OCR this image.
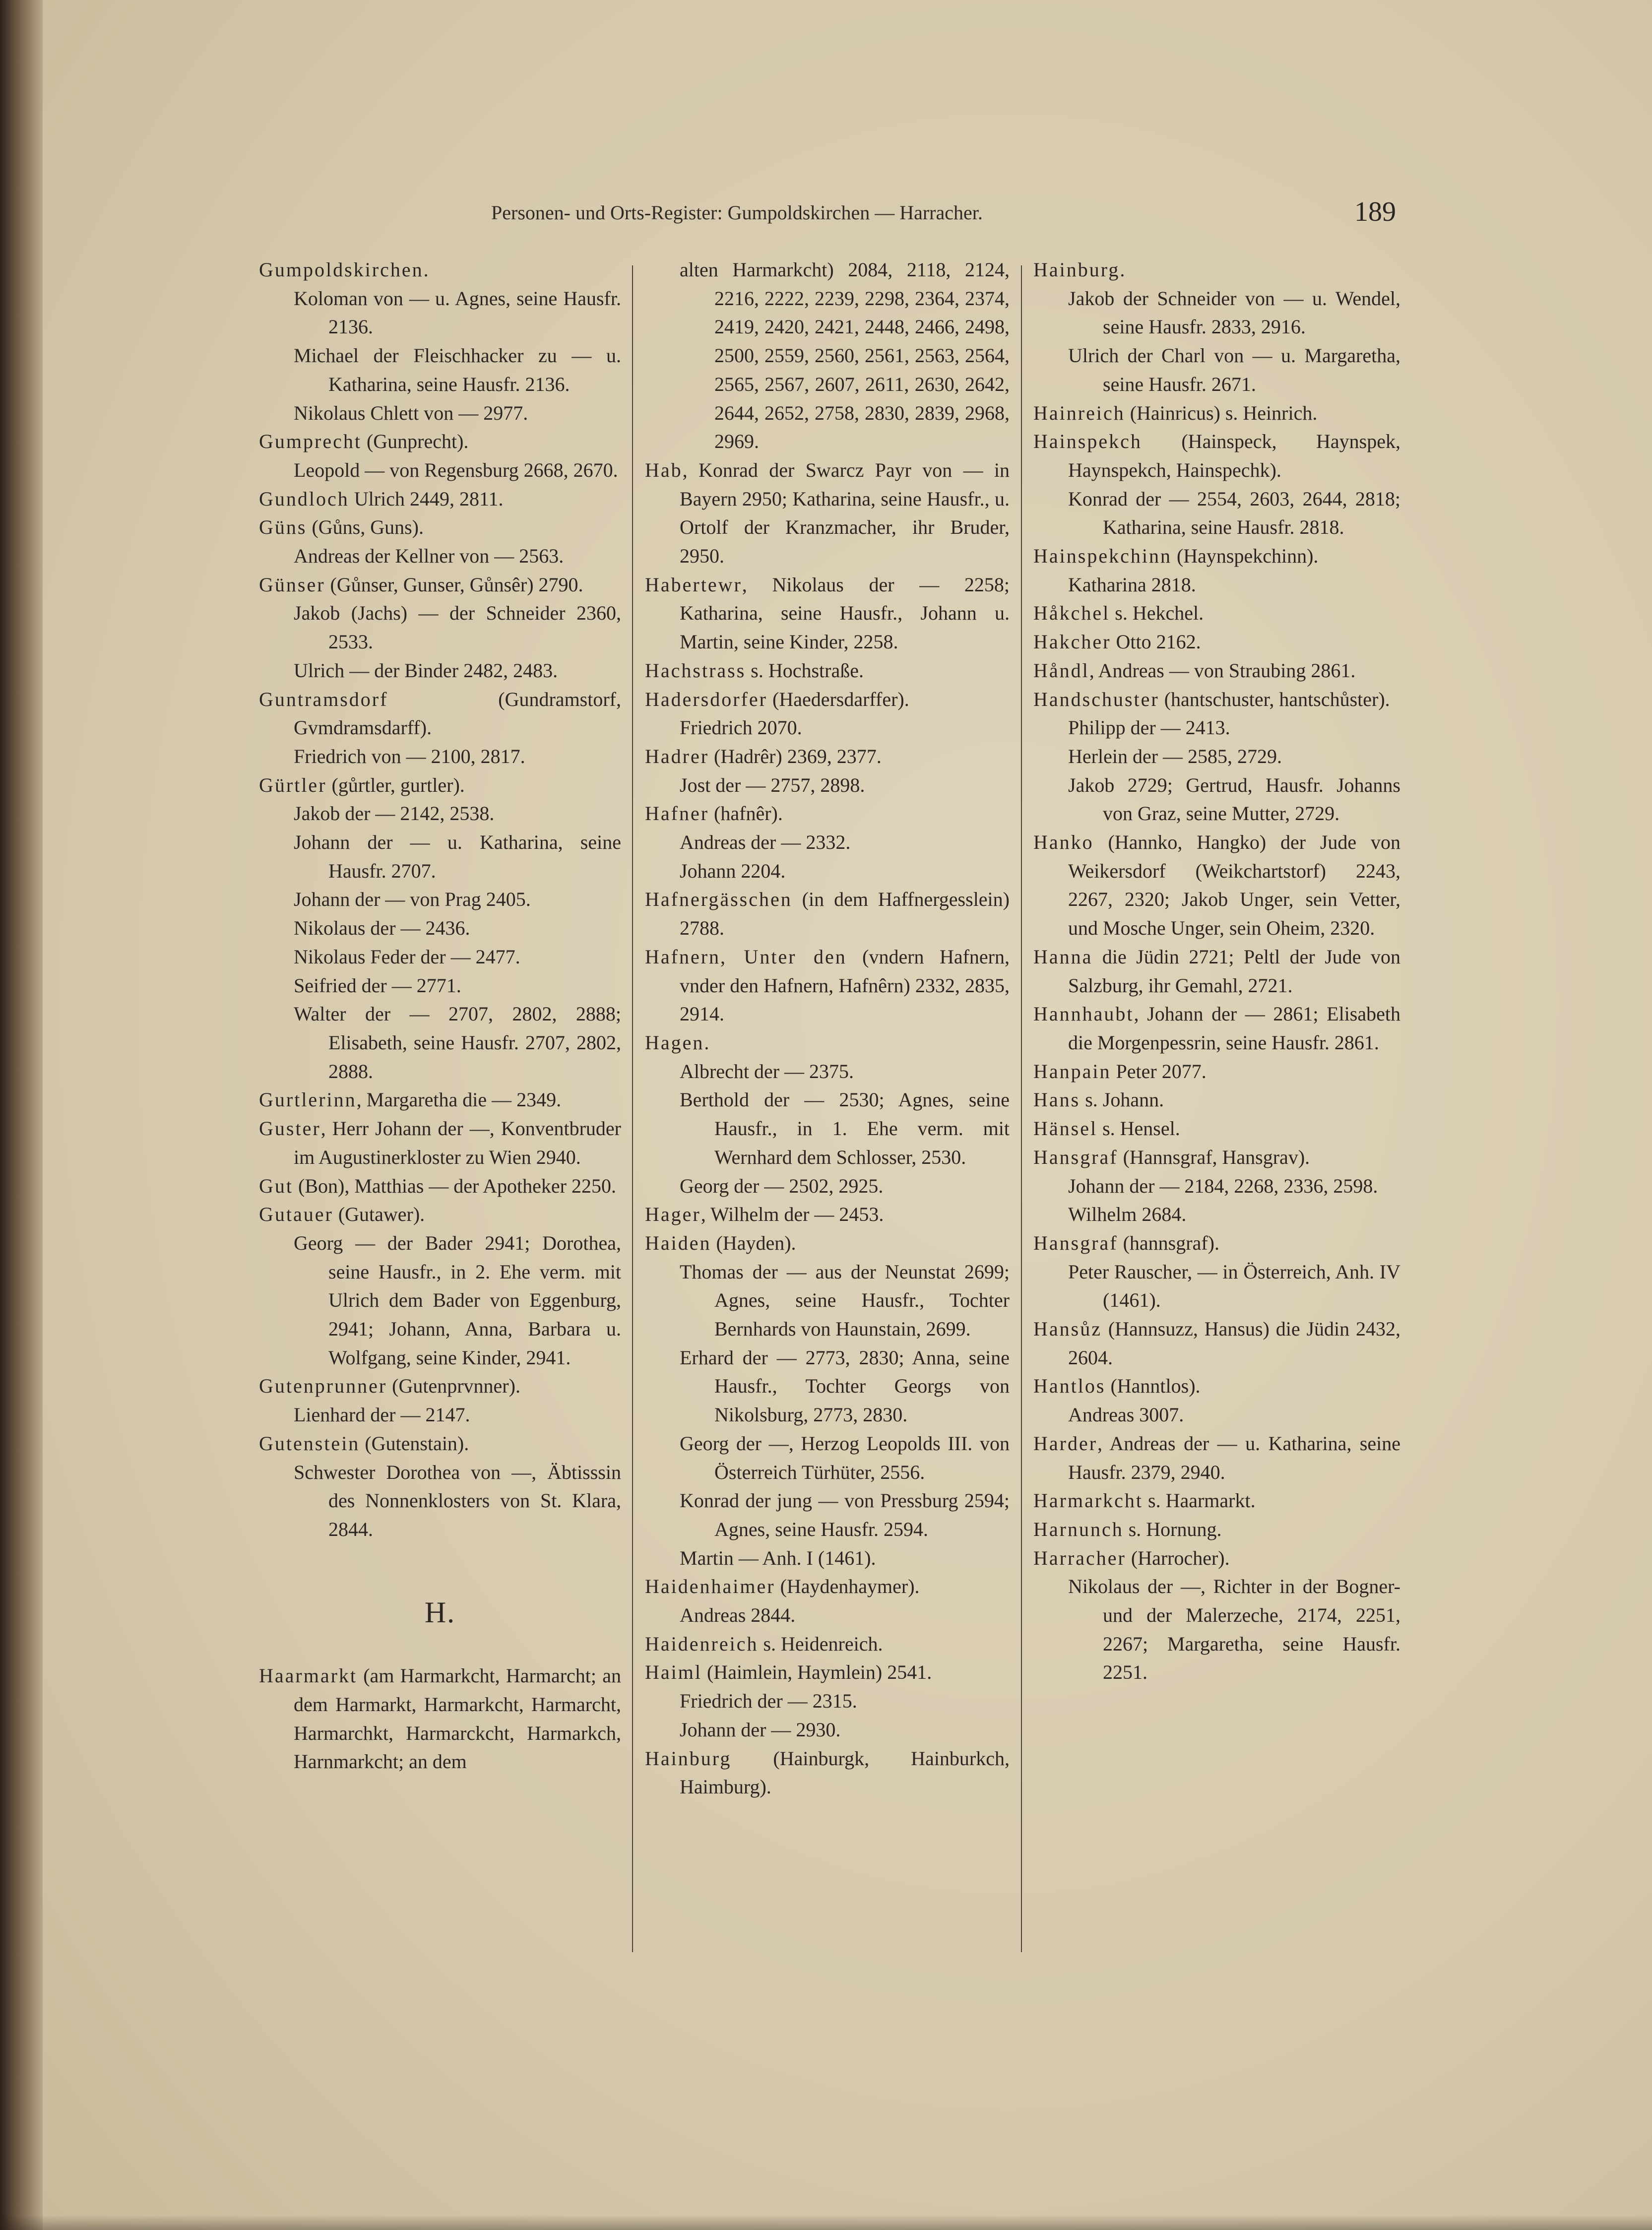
Personen- und Orts-Register: Gumpoldskirchen — Harracher.	189
Gumpoldskirchen.
Koloman von — u. Agnes, seine Hausfr. 2136.
Michael der Fleischhacker zu — u. Katharina, seine Hausfr. 2136.
Nikolaus Chlett von — 2977.
Gumprecht (Gunprecht).
Leopold — von Regensburg 2668, 2670.
Gundloch Ulrich 2449, 2811.
Güns (Gůns, Guns).
Andreas der Kellner von — 2563.
Günser (Gůnser, Gunser, Gůnsêr) 2790.
Jakob (Jachs) — der Schneider 2360, 2533.
Ulrich — der Binder 2482, 2483.
Guntramsdorf (Gundramstorf, Gvmdramsdarff).
Friedrich von — 2100, 2817.
Gürtler (gůrtler, gurtler).
Jakob der — 2142, 2538.
Johann der — u. Katharina, seine Hausfr. 2707.
Johann der — von Prag 2405.
Nikolaus der — 2436.
Nikolaus Feder der — 2477.
Seifried der — 2771.
Walter der — 2707, 2802, 2888; Elisabeth, seine Hausfr. 2707, 2802, 2888.
Gurtlerinn, Margaretha die — 2349.
Guster, Herr Johann der —, Konventbruder im Augustinerkloster zu Wien 2940.
Gut (Bon), Matthias — der Apotheker 2250.
Gutauer (Gutawer).
Georg — der Bader 2941; Dorothea, seine Hausfr., in 2. Ehe verm. mit Ulrich dem Bader von Eggenburg, 2941; Johann, Anna, Barbara u. Wolfgang, seine Kinder, 2941.
Gutenprunner (Gutenprvnner).
Lienhard der — 2147.
Gutenstein (Gutenstain).
Schwester Dorothea von —, Äbtisssin des Nonnenklosters von St. Klara, 2844.
H.
Haarmarkt (am Harmarkcht, Harmarcht; an dem Harmarkt, Harmarkcht, Harmarcht, Harmarchkt, Harmarckcht, Harmarkch, Harnmarkcht; an dem
alten Harmarkcht) 2084, 2118, 2124, 2216, 2222, 2239, 2298, 2364, 2374, 2419, 2420, 2421, 2448, 2466, 2498, 2500, 2559, 2560, 2561, 2563, 2564, 2565, 2567, 2607, 2611, 2630, 2642, 2644, 2652, 2758, 2830, 2839, 2968, 2969.
Hab, Konrad der Swarcz Payr von — in Bayern 2950; Katharina, seine Hausfr., u. Ortolf der Kranzmacher, ihr Bruder, 2950.
Habertewr, Nikolaus der — 2258; Katharina, seine Hausfr., Johann u. Martin, seine Kinder, 2258.
Hachstrass s. Hochstraße.
Hadersdorfer (Haedersdarffer).
Friedrich 2070.
Hadrer (Hadrêr) 2369, 2377.
Jost der — 2757, 2898.
Hafner (hafnêr).
Andreas der — 2332.
Johann 2204.
Hafnergässchen (in dem Haffnergesslein) 2788.
Hafnern, Unter den (vndern Hafnern, vnder den Hafnern, Hafnêrn) 2332, 2835, 2914.
Hagen.
Albrecht der — 2375.
Berthold der — 2530; Agnes, seine Hausfr., in 1. Ehe verm. mit Wernhard dem Schlosser, 2530.
Georg der — 2502, 2925.
Hager, Wilhelm der — 2453.
Haiden (Hayden).
Thomas der — aus der Neunstat 2699; Agnes, seine Hausfr., Tochter Bernhards von Haunstain, 2699.
Erhard der — 2773, 2830; Anna, seine Hausfr., Tochter Georgs von Nikolsburg, 2773, 2830.
Georg der —, Herzog Leopolds III. von Österreich Türhüter, 2556.
Konrad der jung — von Pressburg 2594; Agnes, seine Hausfr. 2594.
Martin — Anh. I (1461).
Haidenhaimer (Haydenhaymer).
Andreas 2844.
Haidenreich s. Heidenreich.
Haiml (Haimlein, Haymlein) 2541.
Friedrich der — 2315.
Johann der — 2930.
Hainburg (Hainburgk, Hainburkch, Haimburg).
Hainburg.
Jakob der Schneider von — u. Wendel, seine Hausfr. 2833, 2916.
Ulrich der Charl von — u. Margaretha, seine Hausfr. 2671.
Hainreich (Hainricus) s. Heinrich.
Hainspekch (Hainspeck, Haynspek, Haynspekch, Hainspechk).
Konrad der — 2554, 2603, 2644, 2818; Katharina, seine Hausfr. 2818.
Hainspekchinn (Haynspekchinn).
Katharina 2818.
Håkchel s. Hekchel.
Hakcher Otto 2162.
Håndl, Andreas — von Straubing 2861.
Handschuster (hantschuster, hantschůster).
Philipp der — 2413.
Herlein der — 2585, 2729.
Jakob 2729; Gertrud, Hausfr. Johanns von Graz, seine Mutter, 2729.
Hanko (Hannko, Hangko) der Jude von Weikersdorf (Weikchartstorf) 2243, 2267, 2320; Jakob Unger, sein Vetter, und Mosche Unger, sein Oheim, 2320.
Hanna die Jüdin 2721; Peltl der Jude von Salzburg, ihr Gemahl, 2721.
Hannhaubt, Johann der — 2861; Elisabeth die Morgenpessrin, seine Hausfr. 2861.
Hanpain Peter 2077.
Hans s. Johann.
Hänsel s. Hensel.
Hansgraf (Hannsgraf, Hansgrav).
Johann der — 2184, 2268, 2336, 2598.
Wilhelm 2684.
Hansgraf (hannsgraf).
Peter Rauscher, — in Österreich, Anh. IV (1461).
Hansůz (Hannsuzz, Hansus) die Jüdin 2432, 2604.
Hantlos (Hanntlos).
Andreas 3007.
Harder, Andreas der — u. Katharina, seine Hausfr. 2379, 2940.
Harmarkcht s. Haarmarkt.
Harnunch s. Hornung.
Harracher (Harrocher).
Nikolaus der —, Richter in der Bogner- und der Malerzeche, 2174, 2251, 2267; Margaretha, seine Hausfr. 2251.
